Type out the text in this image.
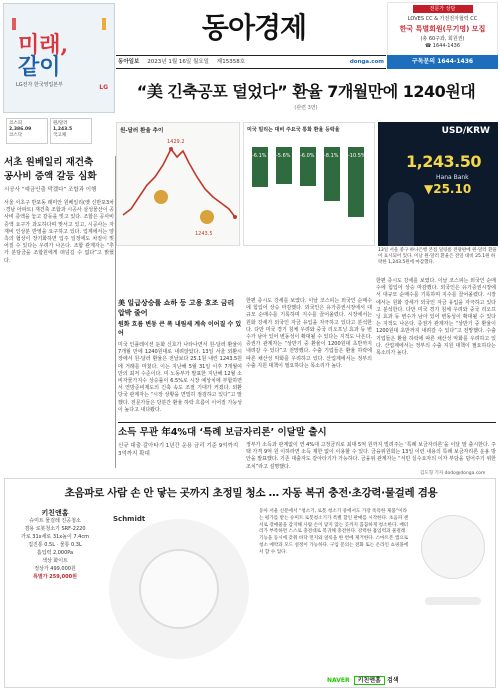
미래,
같이
LG전자 한국영업본부	LG
코스피
2,386.09
코스닥
원/달러
1,243.5
국고채
동아경제
동아일보 2023년 1월 16일 월요일 제15358호	donga.com
전문가 상담
LOVES CC & 가전전자협력 CC
한국 특별회원(무기명) 모집
(총 60구좌, 회원권)
☎ 1644-1436
구독문의 1644-1436
“美 긴축공포 덜었다” 환율 7개월만에 1240원대
(관련 3면)
원-달러 환율 추이
1429.2
1243.5
미국 밀리는 대비 주요국 통화 환율 등락율
-6.1% -5.6% -6.0% -8.1% -10.5%
USD/KRW
1,243.50
Hana Bank
▼25.10
13일 서울 중구 하나은행 본점 딜링룸 전광판에 원-달러 환율이 표시되어 있다. 이날 원-달러 환율은 전일 대비 25.1원 하락한 1,243.5원에 마감했다.
서초 원베일리 재건축
공사비 증액 갈등 심화
시공사 “예금인출 막겠다” 조합과 이행
서울 서초구 반포동 래미안 원베일리(옛 신반포3차·경남 아파트) 재건축 조합과 시공사 삼성물산이 공사비 증액을 놓고 갈등을 빚고 있다. 조합은 공사비 증액 요구가 과도하다며 맞서고 있고, 시공사는 자재비 인상분 반영을 요구하고 있다. 업계에서는 양측의 협상이 장기화하면 입주 일정에도 차질이 빚어질 수 있다는 우려가 나온다. 조합 관계자는 “추가 분담금을 조합원에게 떠넘길 수 없다”고 밝혔다.
美 일급상승률 쇼하 등 고용 호조 금리 압박 줄어
원화 흐름 변동 큰 폭 내림세 계속 이어질 수 있어
미국 인플레이션 둔화 신호가 나타나면서 원-달러 환율이 7개월 만에 1240원대로 내려앉았다. 13일 서울 외환시장에서 원-달러 환율은 전날보다 25.1원 내린 1243.5원에 거래를 마쳤다. 이는 지난해 5월 31일 이후 7개월여 만의 최저 수준이다. 미 노동부가 발표한 지난해 12월 소비자물가지수 상승률이 6.5%로 시장 예상치에 부합하면서 연방준비제도의 긴축 속도 조절 기대가 커졌다. 외환 당국 관계자는 “시장 상황을 면밀히 점검하고 있다”고 말했다. 전문가들은 당분간 환율 하락 흐름이 이어질 가능성이 높다고 내다봤다.
한편 증시도 강세를 보였다. 이날 코스피는 외국인 순매수에 힘입어 상승 마감했다. 외국인은 유가증권시장에서 대규모 순매수를 기록하며 지수를 끌어올렸다. 시장에서는 원화 강세가 외국인 자금 유입을 자극하고 있다고 분석한다. 다만 미국 경기 침체 우려와 중국 리오프닝 효과 등 변수가 남아 있어 변동성이 확대될 수 있다는 지적도 나온다. 증권가 관계자는 “상반기 중 환율이 1200원대 초반까지 내려갈 수 있다”고 전망했다. 수출 기업들은 환율 하락에 따른 채산성 악화를 우려하고 있다. 산업계에서는 정부의 수출 지원 대책이 필요하다는 목소리가 높다.
한편 증시도 강세를 보였다. 이날 코스피는 외국인 순매수에 힘입어 상승 마감했다. 외국인은 유가증권시장에서 대규모 순매수를 기록하며 지수를 끌어올렸다. 시장에서는 원화 강세가 외국인 자금 유입을 자극하고 있다고 분석한다. 다만 미국 경기 침체 우려와 중국 리오프닝 효과 등 변수가 남아 있어 변동성이 확대될 수 있다는 지적도 나온다. 증권가 관계자는 “상반기 중 환율이 1200원대 초반까지 내려갈 수 있다”고 전망했다. 수출 기업들은 환율 하락에 따른 채산성 악화를 우려하고 있다. 산업계에서는 정부의 수출 지원 대책이 필요하다는 목소리가 높다.
소득 무관 年4%대 ‘특례 보금자리론’ 이달말 출시
신규 대출·갈아타기 1년간 운용 금리 기준 9억까지 3억까지 확대
정부가 소득과 관계없이 연 4%대 고정금리로 최대 5억 원까지 빌려주는 ‘특례 보금자리론’을 이달 말 출시한다. 주택 가격 9억 원 이하라면 소득 제한 없이 이용할 수 있다. 금융위원회는 13일 이런 내용의 특례 보금자리론 운용 방안을 발표했다. 기존 대출자도 갈아타기가 가능하다. 금융위 관계자는 “서민 실수요자의 이자 부담을 덜어주기 위한 조치”라고 설명했다.
김도형 기자 dodo@donga.com
초음파로 사람 손 안 닿는 곳까지 초정밀 청소 … 자동 복귀 충전·초강력·물걸레 겸용
키친앤홈
슈미트 물걸레 진공청소
겸용 로봇청소기 SRF-2220
가로 31x세로 31x높이 7.4cm
집진통 0.5L · 물통 0.3L
흡입력 2,000Pa
색상 화이트
정상가 499,000원
특별가 259,000원
Schmidt
동아 서울 신문에서 “청소기, 로봇 청소기 중에서도 가장 똑똑한 제품”이라는 평가를 받는 슈미트 로봇청소기가 특별 할인 판매를 시작한다. 초음파 센서로 장애물을 감지해 사람 손이 닿지 않는 곳까지 꼼꼼하게 청소한다. 배터리가 부족하면 스스로 충전대로 복귀해 충전한다. 강력한 흡입력과 물걸레 기능을 동시에 갖춰 바닥 먼지와 얼룩을 한 번에 제거한다. 스마트폰 앱으로 청소 예약과 모드 설정이 가능하다. 구입 문의는 전화 또는 온라인 쇼핑몰에서 할 수 있다.
NAVER 키친앤홈 검색
